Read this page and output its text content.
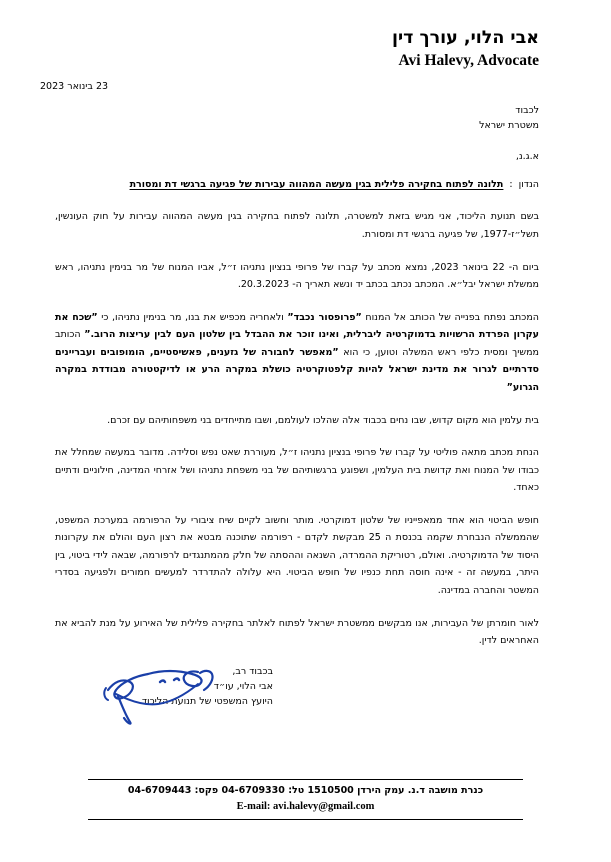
אבי הלוי, עורך דין
Avi Halevy, Advocate
23 בינואר 2023
לכבוד
משטרת ישראל
א.ג.נ,
הנדון
:
תלונה לפתוח בחקירה פלילית בגין מעשה המהווה עבירות של פגיעה ברגשי דת ומסורת

בשם תנועת הליכוד, אני מגיש בזאת למשטרה, תלונה לפתוח בחקירה בגין מעשה המהווה עבירות על חוק העונשין, תשל״ז-1977, של פגיעה ברגשי דת ומסורת.

ביום ה- 22 בינואר 2023, נמצא מכתב על קברו של פרופי בנציון נתניהו ז״ל, אביו המנוח של מר בנימין נתניהו, ראש ממשלת ישראל יבל״א. המכתב נכתב בכתב יד ונשא תאריך ה- 20.3.2023.

המכתב נפתח בפנייה של הכותב אל המנוח ”פרופסור נכבד” ולאחריה מכפיש את בנו, מר בנימין נתניהו, כי ”שכח את עקרון הפרדת הרשויות בדמוקרטיה ליברלית, ואינו זוכר את ההבדל בין שלטון העם לבין עריצות הרוב.” הכותב ממשיך ומסית כלפי ראש המשלה וטוען, כי הוא ”מאפשר לחבורה של גזענים, פאשיסטיים, הומופובים ועבריינים סדרתיים לגרור את מדינת ישראל להיות קלפטוקרטיה כושלת במקרה הרע או לדיקטטורה מבודדת במקרה הגרוע”

בית עלמין הוא מקום קדוש, שבו נחים בכבוד אלה שהלכו לעולמם, ושבו מתייחדים בני משפחותיהם עם זכרם.

הנחת מכתב מתאה פוליטי על קברו של פרופי בנציון נתניהו ז״ל, מעוררת שאט נפש וסלידה. מדובר במעשה שמחלל את כבודו של המנוח ואת קדושת בית העלמין, ושפוגע ברגשותיהם של בני משפחת נתניהו ושל אזרחי המדינה, חילוניים ודתיים כאחד.

חופש הביטוי הוא אחד ממאפייניו של שלטון דמוקרטי. מותר וחשוב לקיים שיח ציבורי על הרפורמה במערכת המשפט, שהממשלה הנבחרת שקמה בכנסת ה 25 מבקשת לקדם - רפורמה שתוכנה מבטא את רצון העם והולם את עקרונות היסוד של הדמוקרטיה. ואולם, רטוריקת ההמרדה, השנאה וההסתה של חלק מהמתנגדים לרפורמה, שבאה לידי ביטוי, בין היתר, במעשה זה - אינה חוסה תחת כנפיו של חופש הביטוי. היא עלולה להתדרדר למעשים חמורים ולפגיעה בסדרי המשטר והחברה במדינה.

לאור חומרתן של העבירות, אנו מבקשים ממשטרת ישראל לפתוח לאלתר בחקירה פלילית של האירוע על מנת להביא את האחראים לדין.

בכבוד רב,
אבי הלוי, עו״ד
היועץ המשפטי של תנועת הליכוד
כנרת מושבה ד.נ. עמק הירדן 1510500 טל: 04-6709330 פקס: 04-6709443
E-mail: avi.halevy@gmail.com
